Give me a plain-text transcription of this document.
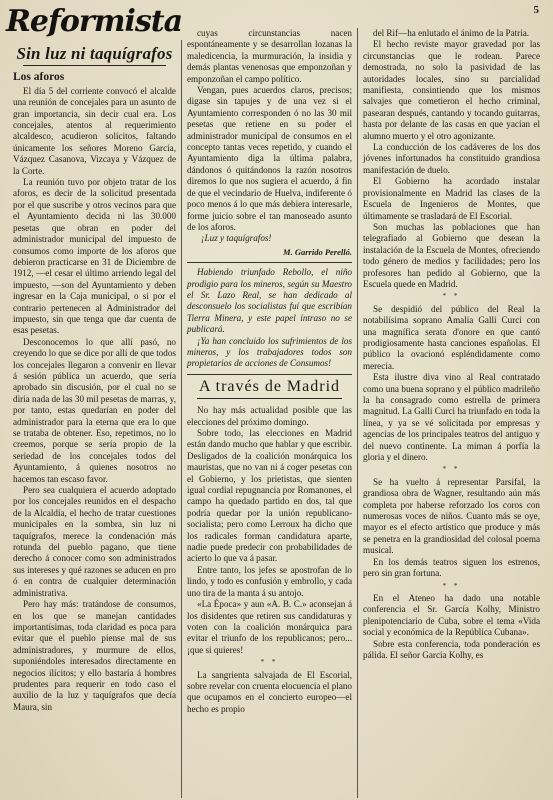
Reformista	5
Sin luz ni taquígrafos
Los aforos

El día 5 del corriente convocó el alcalde una reunión de concejales para un asunto de gran importancia, sin decir cual era. Los concejales, atentos al requerimiento alcaldesco, acudieron solícitos, faltando únicamente los señores Moreno García, Vázquez Casanova, Vizcaya y Vázquez de la Corte.

La reunión tuvo por objeto tratar de los aforos, es decir de la solicitud presentada por el que suscribe y otros vecinos para que el Ayuntamiento decida ni las 30.000 pesetas que obran en poder del administrador municipal del impuesto de consumos como importe de los aforos que debieron practicarse en 31 de Diciembre de 1912, —el cesar el último arriendo legal del impuesto, —son del Ayuntamiento y deben ingresar en la Caja municipal, o si por el contrario pertenecen al Administrador del impuesto, sin que tenga que dar cuenta de esas pesetas.

Desconocemos lo que allí pasó, no creyendo lo que se dice por allí de que todos los concejales llegaron a convenir en llevar á sesión pública un acuerdo, que sería aprobado sin discusión, por el cual no se diría nada de las 30 mil pesetas de marras, y, por tanto, estas quedarían en poder del administrador para la eterna que era lo que se trataba de obtener. Eso, repetimos, no lo creemos, porque se sería propio de la seriedad de los concejales todos del Ayuntamiento, á quienes nosotros no hacemos tan escaso favor.

Pero sea cualquiera el acuerdo adoptado por los concejales reunidos en el despacho de la Alcaldía, el hecho de tratar cuestiones municipales en la sombra, sin luz ni taquígrafos, merece la condenación más rotunda del pueblo pagano, que tiene derecho á conocer como son administrados sus intereses y qué razones se aducen en pro ó en contra de cualquier determinación administrativa.

Pero hay más: tratándose de consumos, en los que se manejan cantidades importantísimas, toda claridad es poca para evitar que el pueblo piense mal de sus administradores, y murmure de ellos, suponiéndoles interesados directamente en negocios ilícitos; y ello bastaría á hombres prudentes para requerir en todo caso el auxilio de la luz y taquígrafos que decía Maura, sin

cuyas circunstancias nacen espontáneamente y se desarrollan lozanas la maledicencia, la murmuración, la insidia y demás plantas venenosas que emponzoñan y emponzoñan el campo político.

Vengan, pues acuerdos claros, precisos; digase sin tapujes y de una vez si el Ayuntamiento corresponden ó no las 30 mil pesetas que retiene en su poder el administrador municipal de consumos en el concepto tantas veces repetido, y cuando el Ayuntamiento diga la última palabra, dándonos ó quitándonos la razón nosotros diremos lo que nos sugiera el acuerdo, á fin de que el vecindario de Huelva, indiferente ó poco menos á lo que más debiera interesarle, forme juicio sobre el tan manoseado asunto de los aforos.

¡Luz y taquígrafos!

M. Garrido Perelló.

Habiendo triunfado Rebollo, el niño prodigio para los mineros, según su Maestro el Sr. Lazo Real, se han dedicado al desconsuelo los socialistas fuí que escribían Tierra Minera, y este papel íntraso no se publicará.

¡Ya han concluido los sufrimientos de los mineros, y los trabajadores todos son propietarios de acciones de Consumos!

A través de Madrid

No hay más actualidad posible que las elecciones del próximo domingo.

Sobre todo, las elecciones en Madrid están dando mucho que hablar y que escribir. Desligados de la coalición monárquica los mauristas, que no van ni á coger pesetas con el Gobierno, y los prietistas, que sienten igual cordial repugnancia por Romanones, el campo ha quedado partido en dos, tal que podría quedar por la unión republicano-socialista; pero como Lerroux ha dicho que los radicales forman candidatura aparte, nadie puede predecir con probabilidades de acierto lo que va á pasar.

Entre tanto, los jefes se apostrofan de lo lindo, y todo es confusión y embrollo, y cada uno tira de la manta á su antojo.

«La Época» y aun «A. B. C.» aconsejan á los disidentes que retiren sus candidaturas y voten con la coalición monárquica para evitar el triunfo de los republicanos; pero...¡que si quieres!

* *

La sangrienta salvajada de El Escorial, sobre revelar con cruenta elocuencia el plano que ocupamos en el concierto europeo—el hecho es propio

del Rif—ha enlutado el ánimo de la Patria.

El hecho reviste mayor gravedad por las circunstancias que le rodean. Parece demostrada, no solo la pasividad de las autoridades locales, sino su parcialidad manifiesta, consintiendo que los mismos salvajes que cometieron el hecho criminal, pasearan después, cantando y tocando guitarras, hasta por delante de las casas en que yacían el alumno muerto y el otro agonizante.

La conducción de los cadáveres de los dos jóvenes infortunados ha constituido grandiosa manifestación de duelo.

El Gobierno ha acordado instalar provisionalmente en Madrid las clases de la Escuela de Ingenieros de Montes, que últimamente se trasladará de El Escorial.

Son muchas las poblaciones que han telegrafiado al Gobierno que desean la instalación de la Escuela de Montes, ofreciendo todo género de medios y facilidades; pero los profesores han pedido al Gobierno, que la Escuela quede en Madrid.

* *

Se despidió del público del Real la notabilísima soprano Amalia Galli Curci con una magnífica serata d'onore en que cantó prodigiosamente hasta canciones españolas. El público la ovacionó espléndidamente como merecía.

Esta ilustre diva vino al Real contratado como una buena soprano y el público madrileño la ha consagrado como estrella de primera magnitud. La Galli Curci ha triunfado en toda la línea, y ya se vé solicitada por empresas y agencias de los principales teatros del antiguo y del nuevo continente. La miman á porfía la gloria y el dinero.

* *

Se ha vuelto á representar Parsifal, la grandiosa obra de Wagner, resultando aún más completa por haberse reforzado los coros con numerosas voces de niños. Cuanto más se oye, mayor es el efecto artístico que produce y más se penetra en la grandiosidad del colosal poema musical.

En los demás teatros siguen los estrenos, pero sin gran fortuna.

* *

En el Ateneo ha dado una notable conferencia el Sr. García Kolhy, Ministro plenipotenciario de Cuba, sobre el tema «Vida social y económica de la República Cubana».

Sobre esta conferencia, toda ponderación es pálida. El señor García Kolhy, es
